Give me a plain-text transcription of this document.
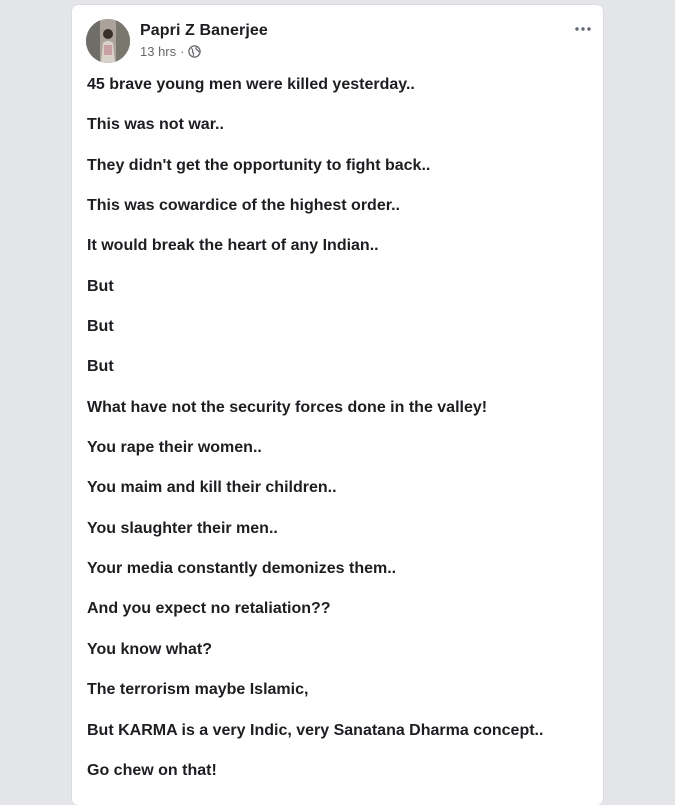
Papri Z Banerjee
13 hrs ·
45 brave young men were killed yesterday..
This was not war..
They didn't get the opportunity to fight back..
This was cowardice of the highest order..
It would break the heart of any Indian..
But
But
But
What have not the security forces done in the valley!
You rape their women..
You maim and kill their children..
You slaughter their men..
Your media constantly demonizes them..
And you expect no retaliation??
You know what?
The terrorism maybe Islamic,
But KARMA is a very Indic, very Sanatana Dharma concept..
Go chew on that!
